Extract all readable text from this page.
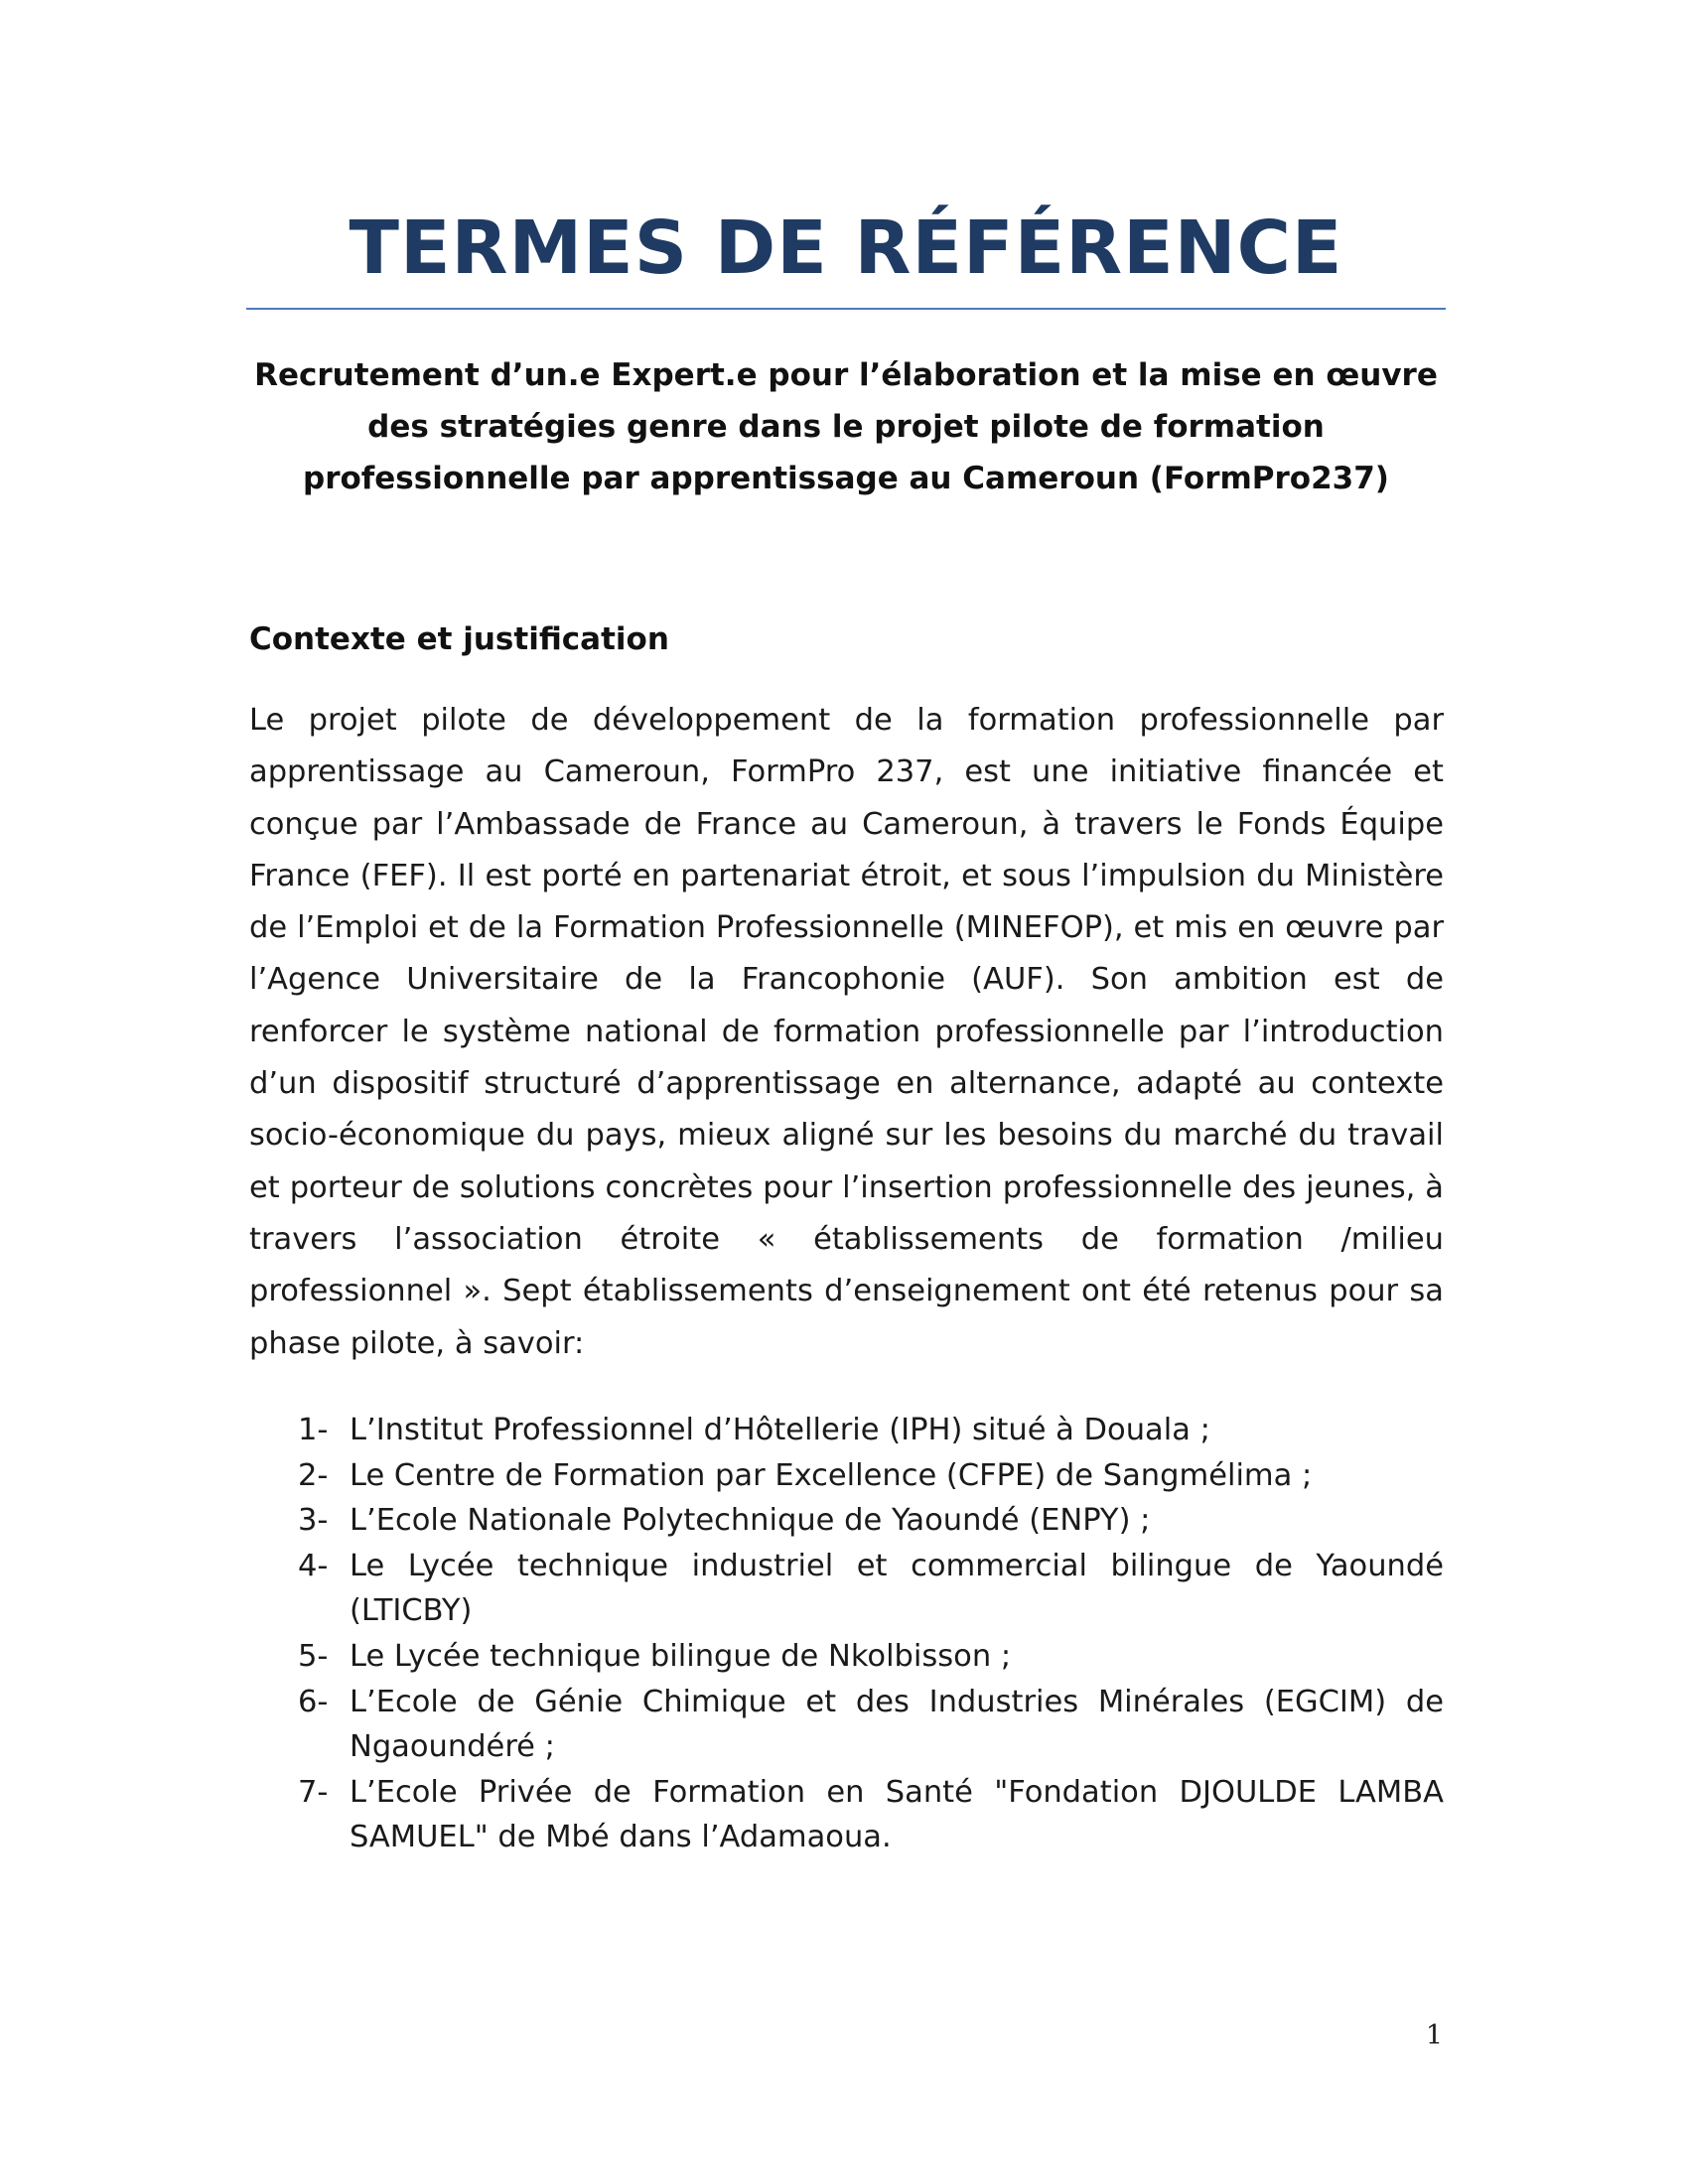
TERMES DE RÉFÉRENCE

Recrutement d’un.e Expert.e pour l’élaboration et la mise en œuvre des stratégies genre dans le projet pilote de formation professionnelle par apprentissage au Cameroun (FormPro237)

Contexte et justification

Le projet pilote de développement de la formation professionnelle par apprentissage au Cameroun, FormPro 237, est une initiative financée et conçue par l’Ambassade de France au Cameroun, à travers le Fonds Équipe France (FEF). Il est porté en partenariat étroit, et sous l’impulsion du Ministère de l’Emploi et de la Formation Professionnelle (MINEFOP), et mis en œuvre par l’Agence Universitaire de la Francophonie (AUF). Son ambition est de renforcer le système national de formation professionnelle par l’introduction d’un dispositif structuré d’apprentissage en alternance, adapté au contexte socio-économique du pays, mieux aligné sur les besoins du marché du travail et porteur de solutions concrètes pour l’insertion professionnelle des jeunes, à travers l’association étroite « établissements de formation /milieu professionnel ». Sept établissements d’enseignement ont été retenus pour sa phase pilote, à savoir:

1- L’Institut Professionnel d’Hôtellerie (IPH) situé à Douala ;
2- Le Centre de Formation par Excellence (CFPE) de Sangmélima ;
3- L’Ecole Nationale Polytechnique de Yaoundé (ENPY) ;
4- Le Lycée technique industriel et commercial bilingue de Yaoundé (LTICBY)
5- Le Lycée technique bilingue de Nkolbisson ;
6- L’Ecole de Génie Chimique et des Industries Minérales (EGCIM) de Ngaoundéré ;
7- L’Ecole Privée de Formation en Santé "Fondation DJOULDE LAMBA SAMUEL" de Mbé dans l’Adamaoua.

1
